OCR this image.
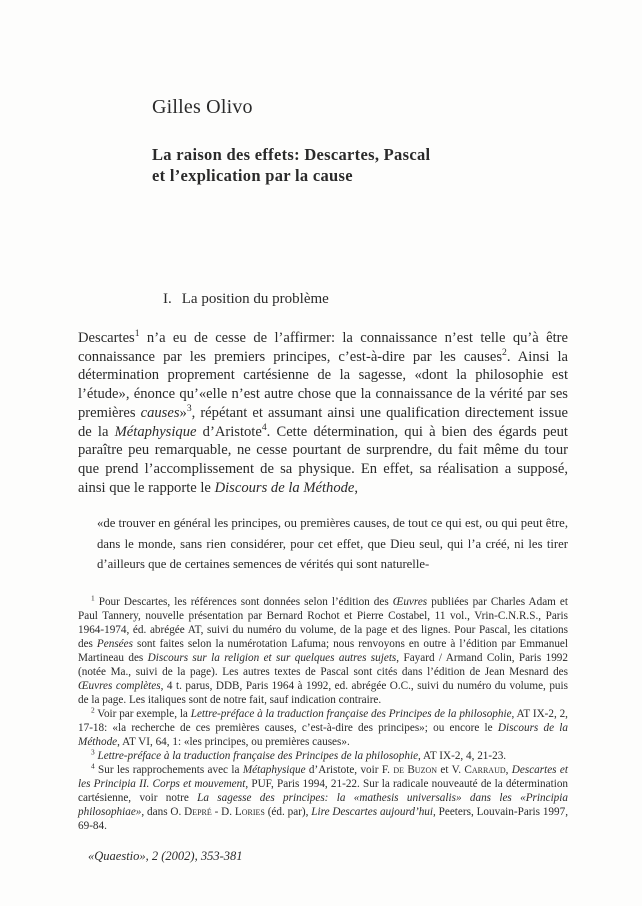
Gilles Olivo
La raison des effets: Descartes, Pascal
et l’explication par la cause
I. La position du problème
Descartes$^1$ n’a eu de cesse de l’affirmer: la connaissance n’est telle qu’à être connaissance par les premiers principes, c’est-à-dire par les causes$^2$. Ainsi la détermination proprement cartésienne de la sagesse, «dont la philosophie est l’étude», énonce qu’«elle n’est autre chose que la connaissance de la vérité par ses premières causes»$^3$, répétant et assumant ainsi une qualification directement issue de la Métaphysique d’Aristote$^4$. Cette détermination, qui à bien des égards peut paraître peu remarquable, ne cesse pourtant de surprendre, du fait même du tour que prend l’accomplissement de sa physique. En effet, sa réalisation a supposé, ainsi que le rapporte le Discours de la Méthode,
«de trouver en général les principes, ou premières causes, de tout ce qui est, ou qui peut être, dans le monde, sans rien considérer, pour cet effet, que Dieu seul, qui l’a créé, ni les tirer d’ailleurs que de certaines semences de vérités qui sont naturelle-
$^1$ Pour Descartes, les références sont données selon l’édition des Œuvres publiées par Charles Adam et Paul Tannery, nouvelle présentation par Bernard Rochot et Pierre Costabel, 11 vol., Vrin-C.N.R.S., Paris 1964-1974, éd. abrégée AT, suivi du numéro du volume, de la page et des lignes. Pour Pascal, les citations des Pensées sont faites selon la numérotation Lafuma; nous renvoyons en outre à l’édition par Emmanuel Martineau des Discours sur la religion et sur quelques autres sujets, Fayard / Armand Colin, Paris 1992 (notée Ma., suivi de la page). Les autres textes de Pascal sont cités dans l’édition de Jean Mesnard des Œuvres complètes, 4 t. parus, DDB, Paris 1964 à 1992, ed. abrégée O.C., suivi du numéro du volume, puis de la page. Les italiques sont de notre fait, sauf indication contraire.
$^2$ Voir par exemple, la Lettre-préface à la traduction française des Principes de la philosophie, AT IX-2, 2, 17-18: «la recherche de ces premières causes, c’est-à-dire des principes»; ou encore le Discours de la Méthode, AT VI, 64, 1: «les principes, ou premières causes».
$^3$ Lettre-préface à la traduction française des Principes de la philosophie, AT IX-2, 4, 21-23.
$^4$ Sur les rapprochements avec la Métaphysique d’Aristote, voir F. de Buzon et V. Carraud, Descartes et les Principia II. Corps et mouvement, PUF, Paris 1994, 21-22. Sur la radicale nouveauté de la détermination cartésienne, voir notre La sagesse des principes: la «mathesis universalis» dans les «Principia philosophiae», dans O. Depré - D. Lories (éd. par), Lire Descartes aujourd’hui, Peeters, Louvain-Paris 1997, 69-84.
«Quaestio», 2 (2002), 353-381
